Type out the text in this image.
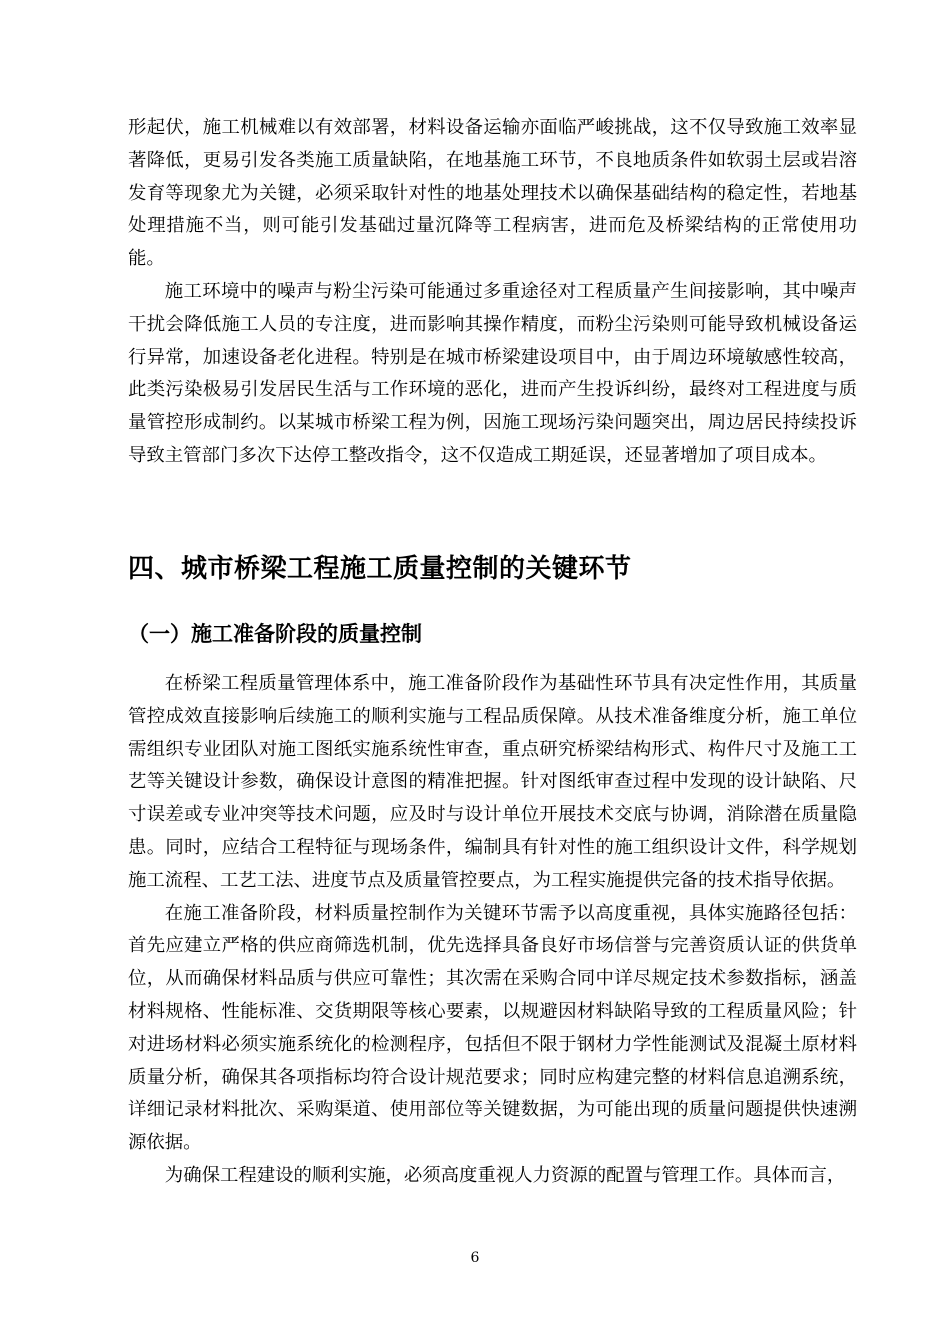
形起伏，施工机械难以有效部署，材料设备运输亦面临严峻挑战，这不仅导致施工效率显著降低，更易引发各类施工质量缺陷，在地基施工环节，不良地质条件如软弱土层或岩溶发育等现象尤为关键，必须采取针对性的地基处理技术以确保基础结构的稳定性，若地基处理措施不当，则可能引发基础过量沉降等工程病害，进而危及桥梁结构的正常使用功能。

施工环境中的噪声与粉尘污染可能通过多重途径对工程质量产生间接影响，其中噪声干扰会降低施工人员的专注度，进而影响其操作精度，而粉尘污染则可能导致机械设备运行异常，加速设备老化进程。特别是在城市桥梁建设项目中，由于周边环境敏感性较高，此类污染极易引发居民生活与工作环境的恶化，进而产生投诉纠纷，最终对工程进度与质量管控形成制约。以某城市桥梁工程为例，因施工现场污染问题突出，周边居民持续投诉导致主管部门多次下达停工整改指令，这不仅造成工期延误，还显著增加了项目成本。

四、城市桥梁工程施工质量控制的关键环节
（一）施工准备阶段的质量控制

在桥梁工程质量管理体系中，施工准备阶段作为基础性环节具有决定性作用，其质量管控成效直接影响后续施工的顺利实施与工程品质保障。从技术准备维度分析，施工单位需组织专业团队对施工图纸实施系统性审查，重点研究桥梁结构形式、构件尺寸及施工工艺等关键设计参数，确保设计意图的精准把握。针对图纸审查过程中发现的设计缺陷、尺寸误差或专业冲突等技术问题，应及时与设计单位开展技术交底与协调，消除潜在质量隐患。同时，应结合工程特征与现场条件，编制具有针对性的施工组织设计文件，科学规划施工流程、工艺工法、进度节点及质量管控要点，为工程实施提供完备的技术指导依据。

在施工准备阶段，材料质量控制作为关键环节需予以高度重视，具体实施路径包括：首先应建立严格的供应商筛选机制，优先选择具备良好市场信誉与完善资质认证的供货单位，从而确保材料品质与供应可靠性；其次需在采购合同中详尽规定技术参数指标，涵盖材料规格、性能标准、交货期限等核心要素，以规避因材料缺陷导致的工程质量风险；针对进场材料必须实施系统化的检测程序，包括但不限于钢材力学性能测试及混凝土原材料质量分析，确保其各项指标均符合设计规范要求；同时应构建完整的材料信息追溯系统，详细记录材料批次、采购渠道、使用部位等关键数据，为可能出现的质量问题提供快速溯源依据。

为确保工程建设的顺利实施，必须高度重视人力资源的配置与管理工作。具体而言，

6
